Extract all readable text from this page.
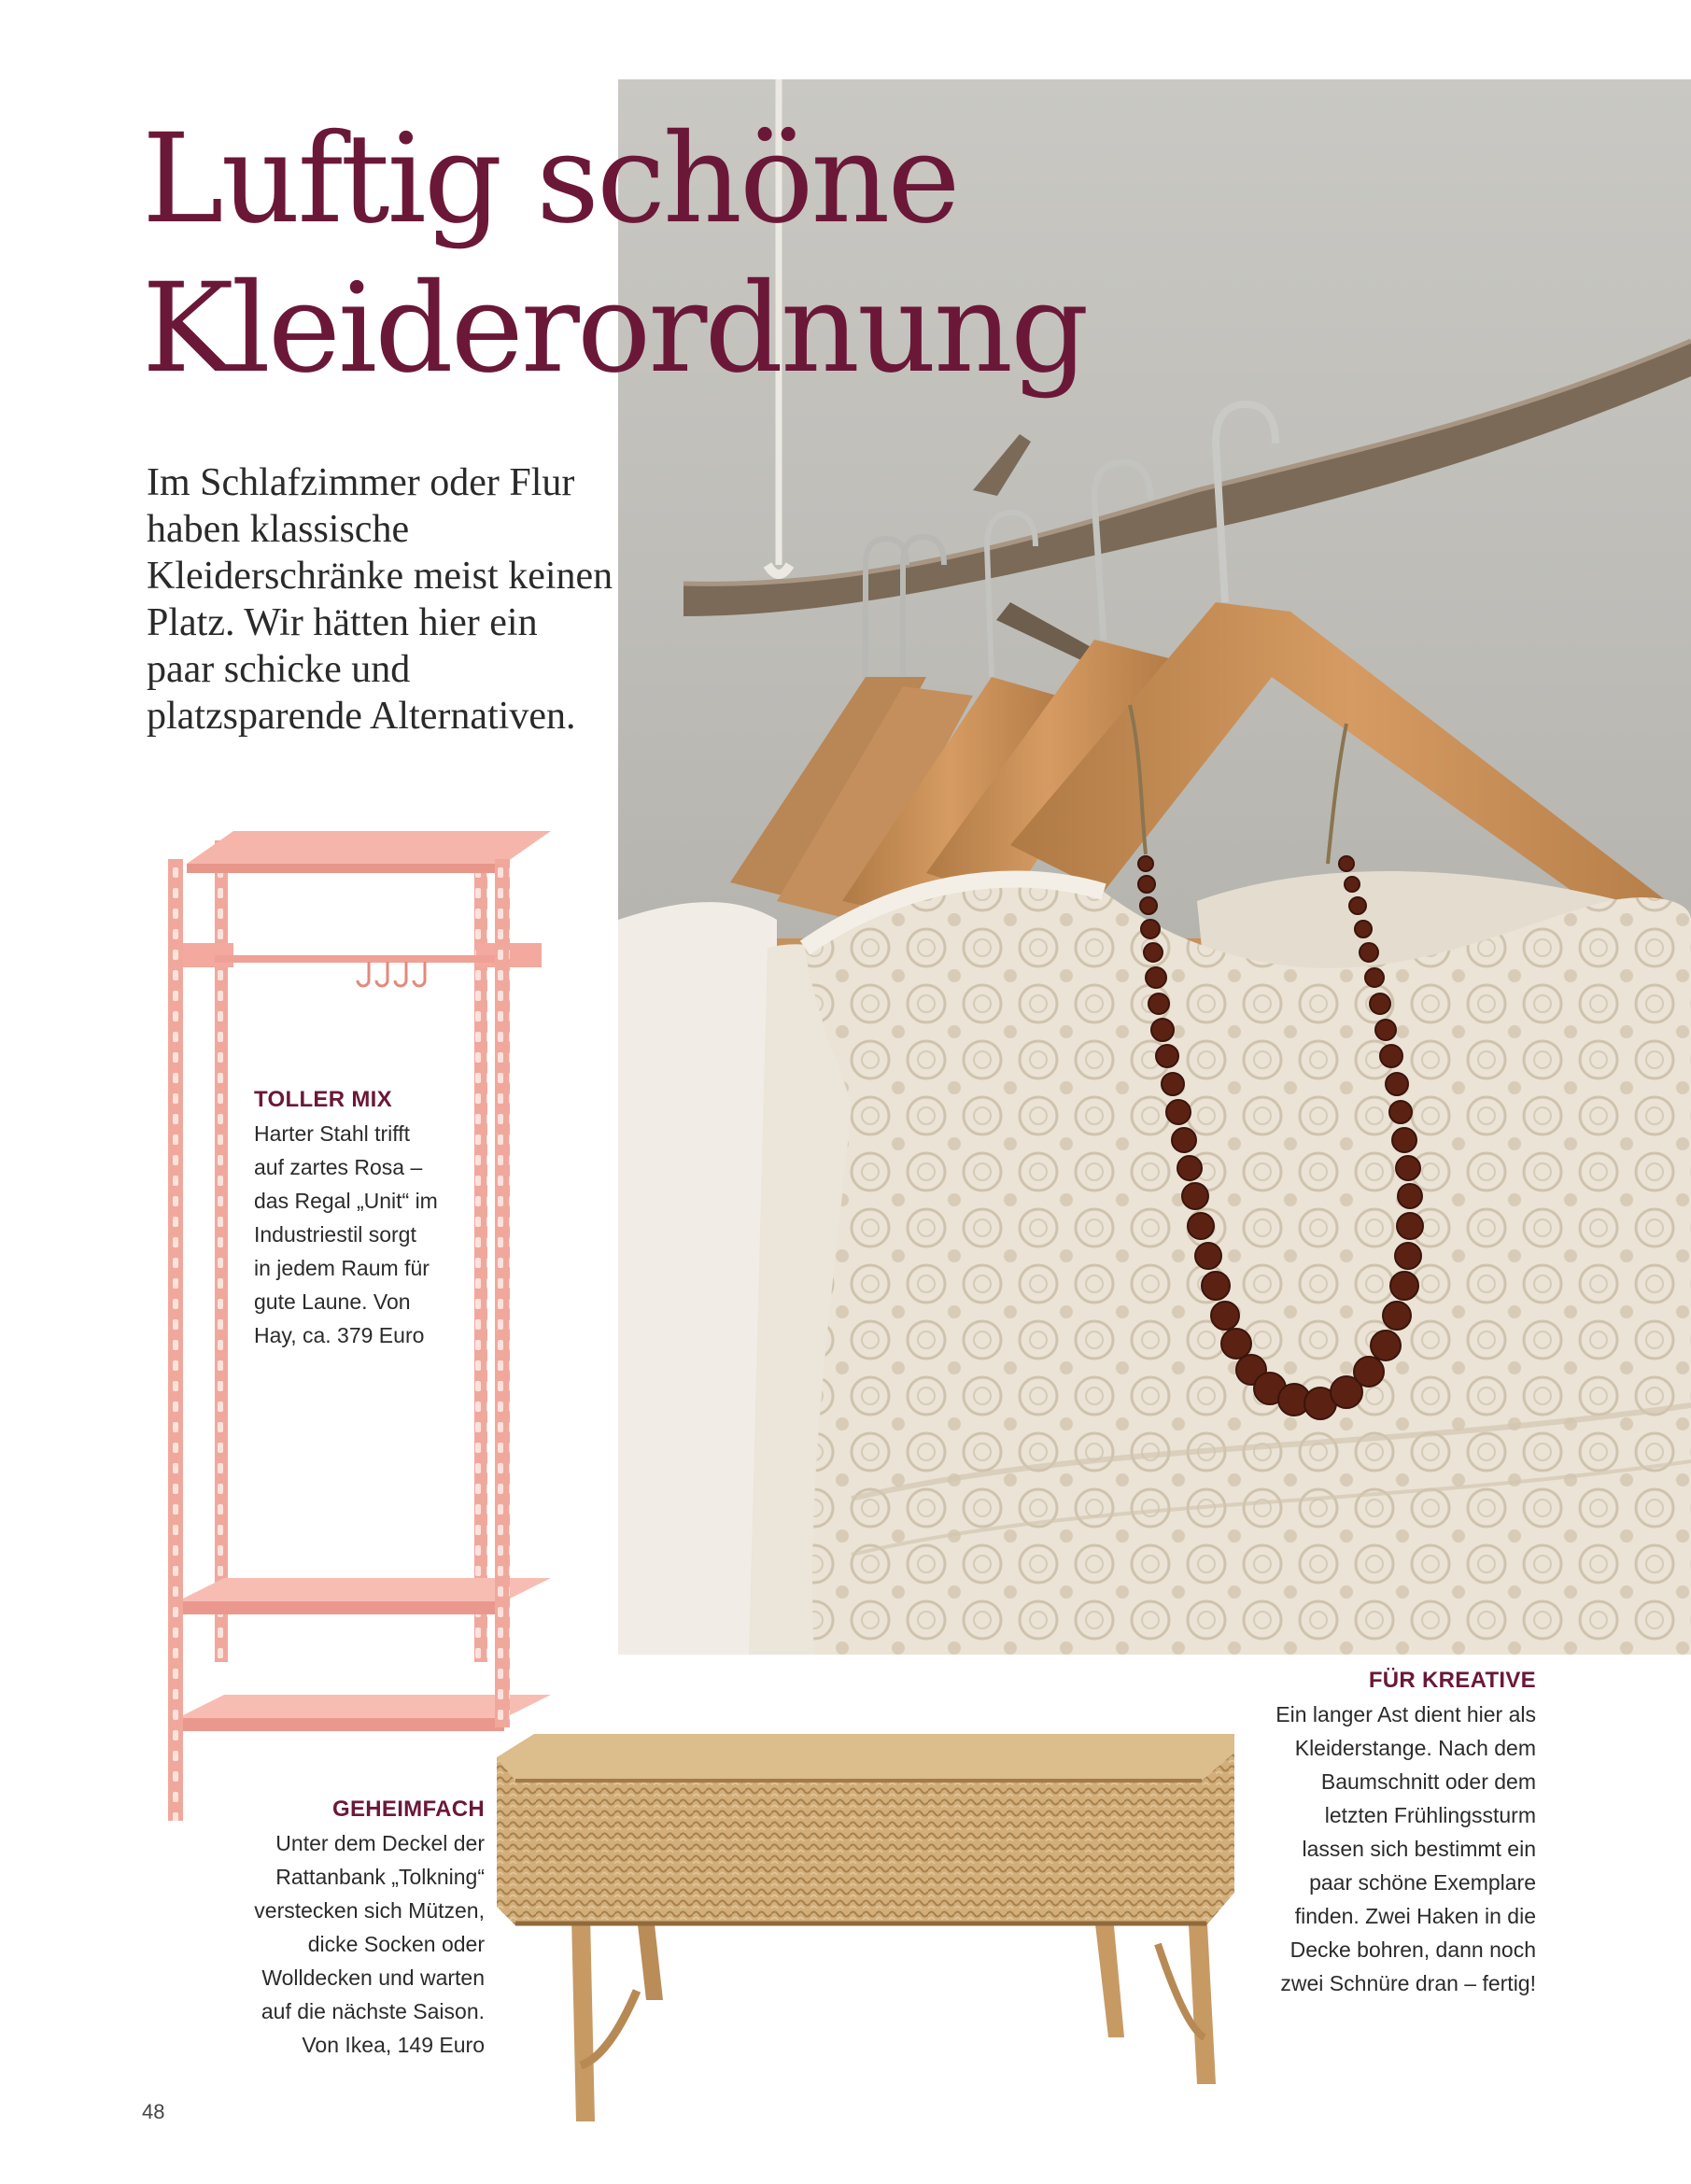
Luftig schöne
Kleiderordnung

Im Schlafzimmer oder Flur haben klassische Kleiderschränke meist keinen Platz. Wir hätten hier ein paar schicke und platzsparende Alternativen.

TOLLER MIX
Harter Stahl trifft
auf zartes Rosa –
das Regal „Unit“ im
Industriestil sorgt
in jedem Raum für
gute Laune. Von
Hay, ca. 379 Euro
GEHEIMFACH
Unter dem Deckel der
Rattanbank „Tolkning“
verstecken sich Mützen,
dicke Socken oder
Wolldecken und warten
auf die nächste Saison.
Von Ikea, 149 Euro
FÜR KREATIVE
Ein langer Ast dient hier als
Kleiderstange. Nach dem
Baumschnitt oder dem
letzten Frühlingssturm
lassen sich bestimmt ein
paar schöne Exemplare
finden. Zwei Haken in die
Decke bohren, dann noch
zwei Schnüre dran – fertig!
48
